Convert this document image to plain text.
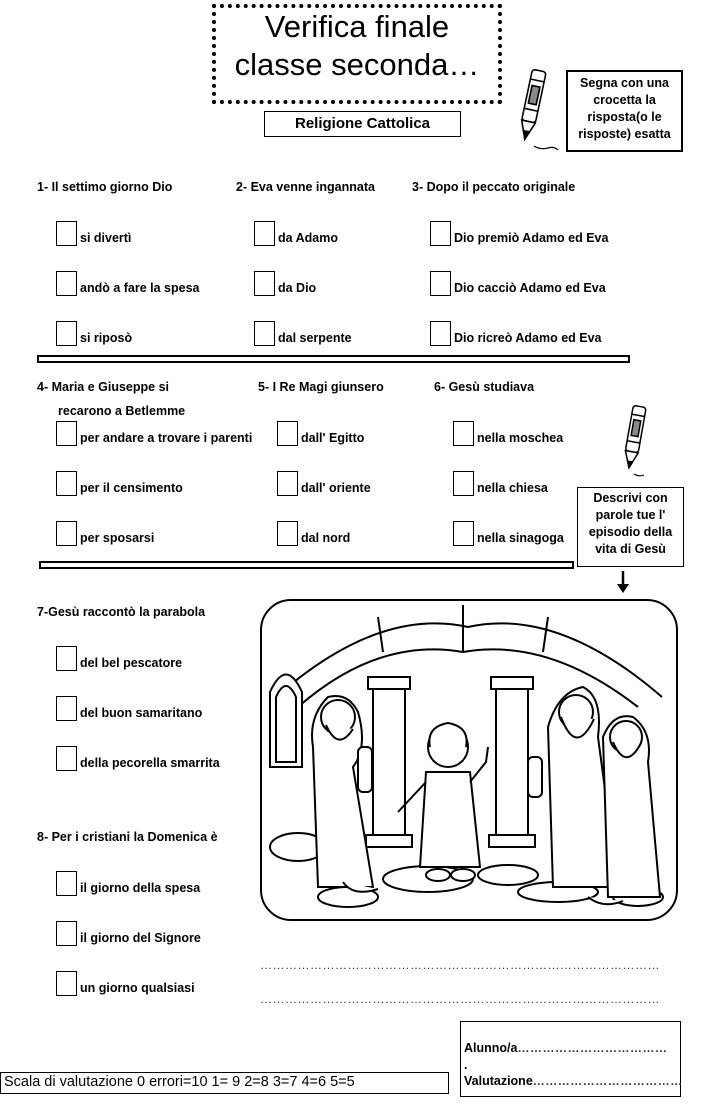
Verifica finale
classe seconda…
Religione Cattolica
Segna con una crocetta la risposta(o le risposte) esatta
1- Il settimo giorno Dio	2- Eva venne ingannata	3- Dopo il peccato originale
si divertì
andò a fare la spesa
si riposò
da Adamo
da Dio
dal serpente
Dio premiò Adamo ed Eva
Dio cacciò Adamo ed Eva
Dio ricreò Adamo ed Eva
4- Maria e Giuseppe si
recarono a Betlemme
5- I Re Magi giunsero	6- Gesù studiava
per andare a trovare i parenti
per il censimento
per sposarsi
dall' Egitto
dall' oriente
dal nord
nella moschea
nella chiesa
nella sinagoga
Descrivi con parole tue l' episodio della vita di Gesù
7-Gesù raccontò la parabola
del bel pescatore
del buon samaritano
della pecorella smarrita
8- Per i cristiani la Domenica è
il giorno della spesa
il giorno del Signore
un giorno qualsiasi
……………………………………………………………………………………
……………………………………………………………………………………
Alunno/a………………………………
.
Valutazione………………………………
Scala di valutazione 0 errori=10 1= 9 2=8 3=7 4=6 5=5
